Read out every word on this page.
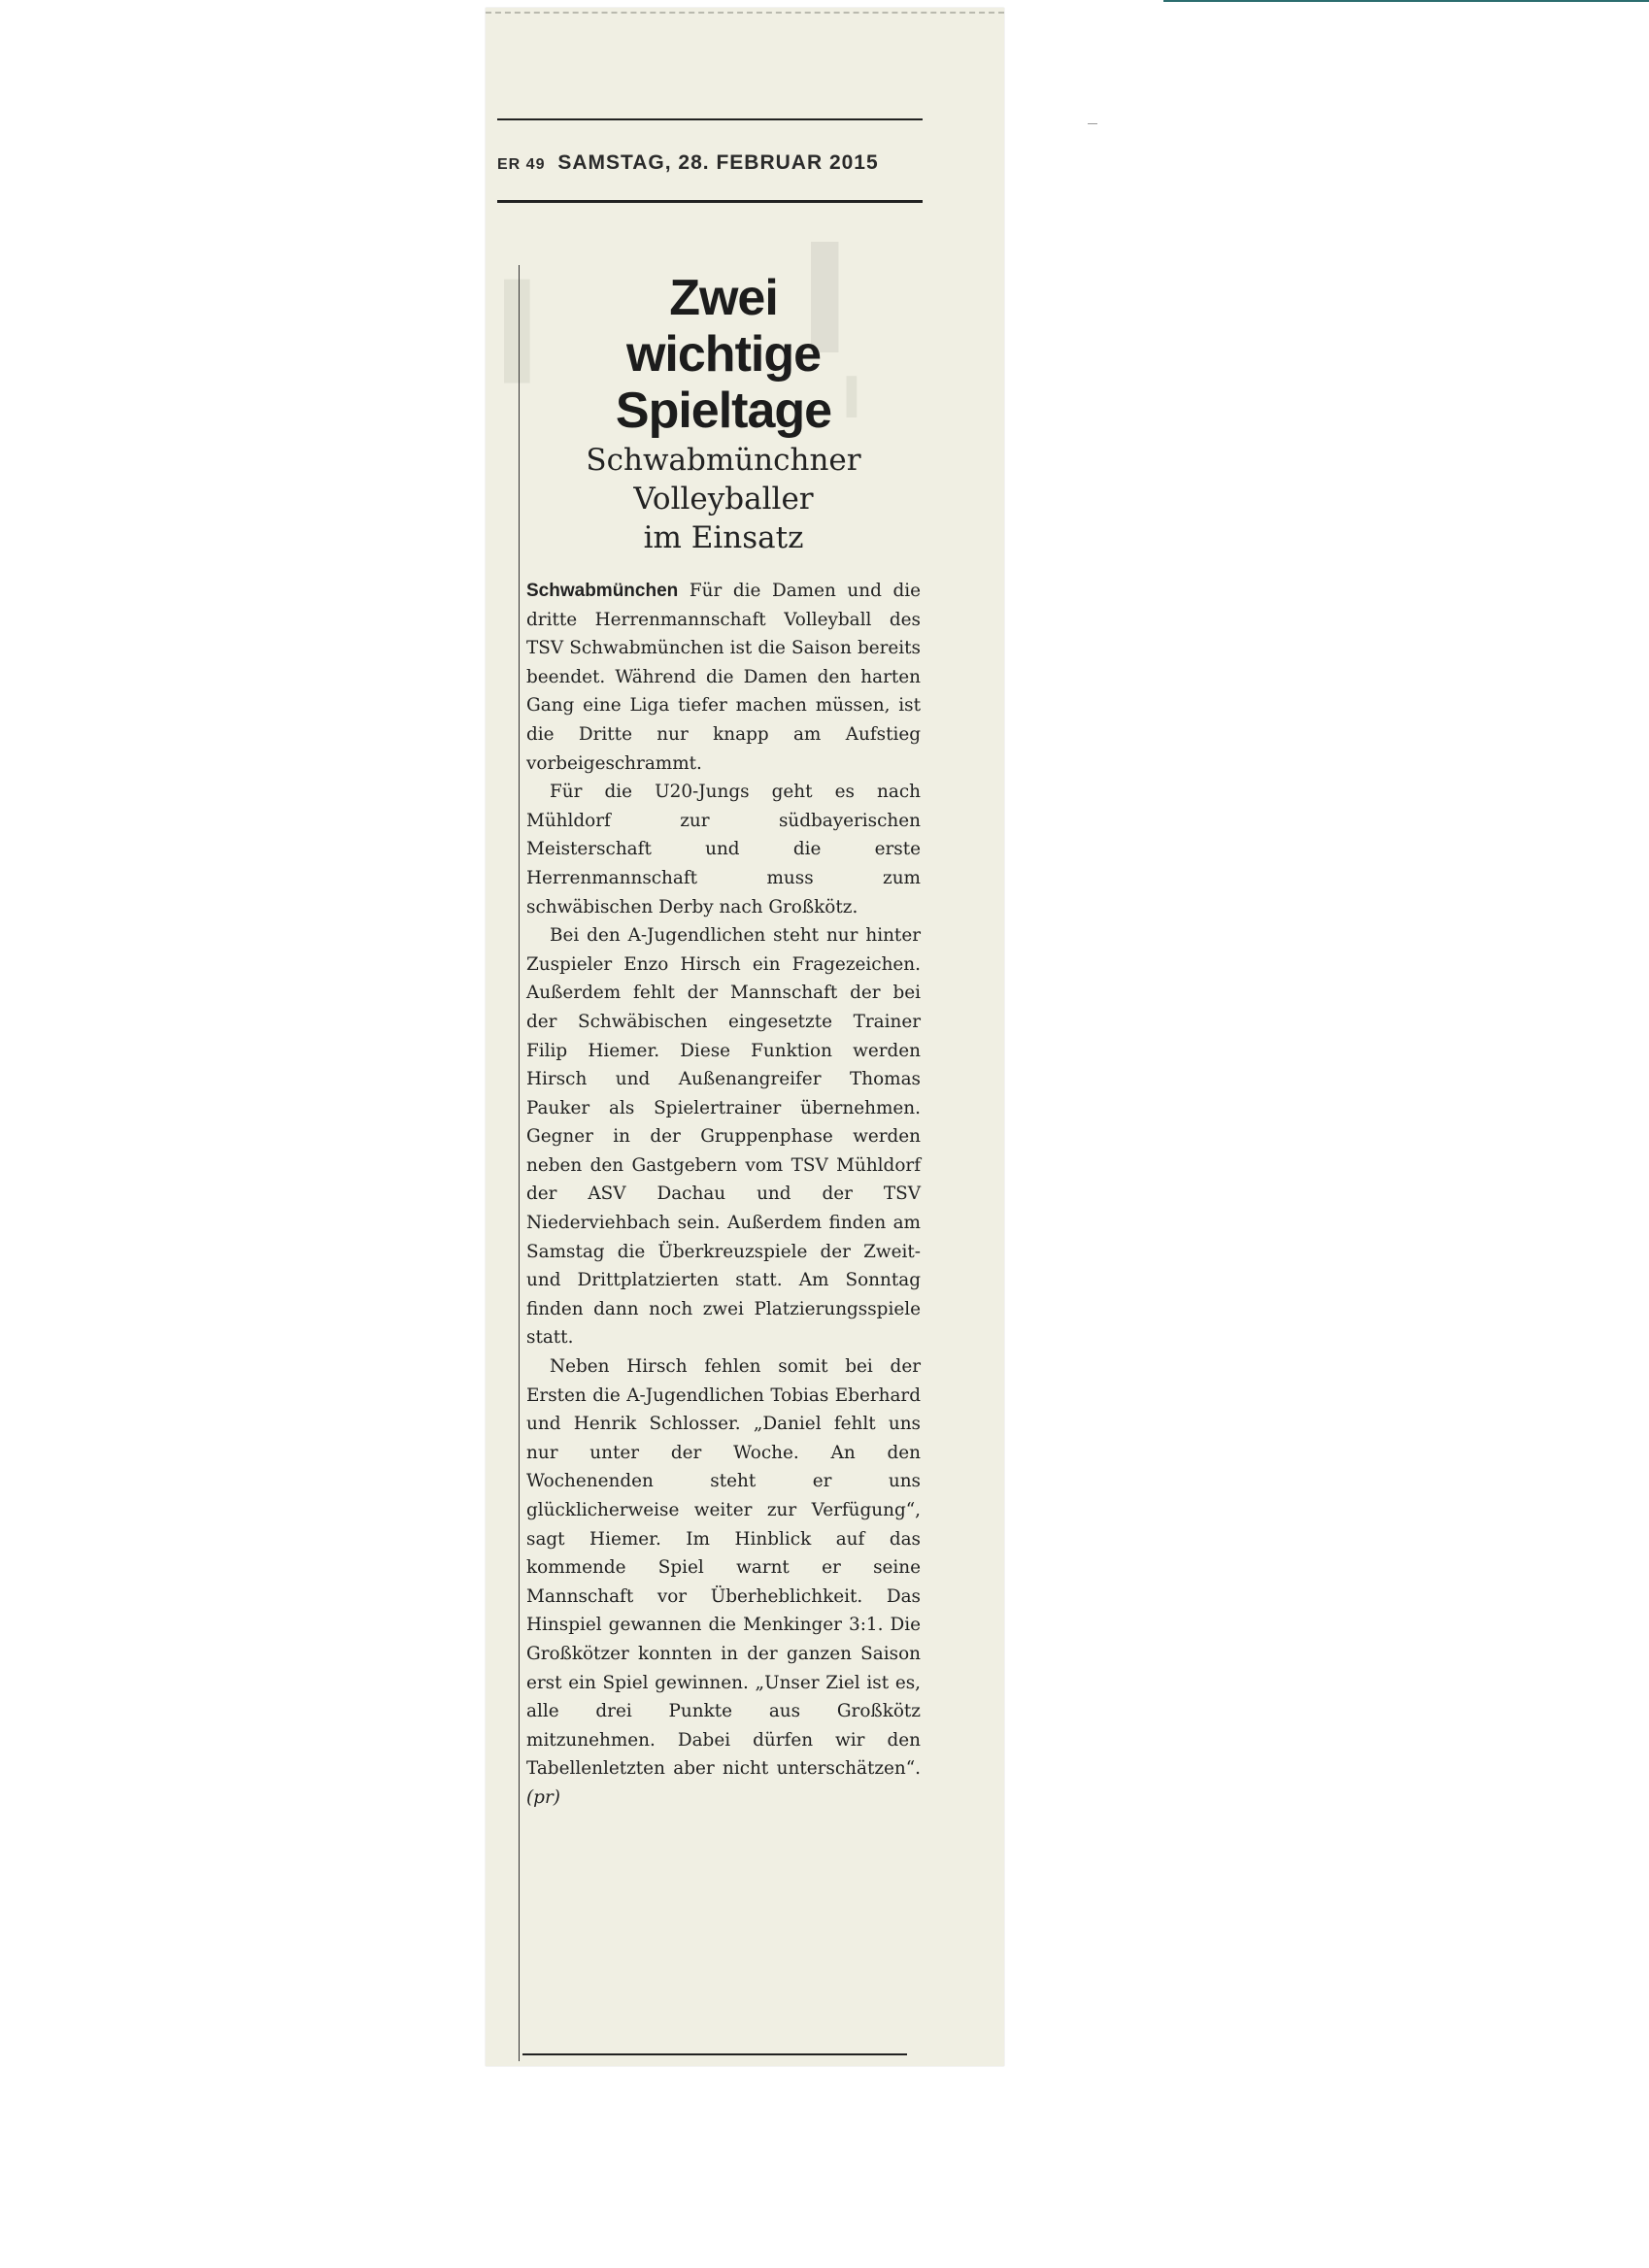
▍	▍
▍
ER 49 SAMSTAG, 28. FEBRUAR 2015
Zwei
wichtige
Spieltage
Schwabmünchner
Volleyballer
im Einsatz

Schwabmünchen Für die Damen und die dritte Herrenmannschaft Volleyball des TSV Schwabmünchen ist die Saison bereits beendet. Während die Damen den harten Gang eine Liga tiefer machen müssen, ist die Dritte nur knapp am Aufstieg vorbeigeschrammt.

Für die U20-Jungs geht es nach Mühldorf zur südbayerischen Meisterschaft und die erste Herrenmannschaft muss zum schwäbischen Derby nach Großkötz.

Bei den A-Jugendlichen steht nur hinter Zuspieler Enzo Hirsch ein Fragezeichen. Außerdem fehlt der Mannschaft der bei der Schwäbischen eingesetzte Trainer Filip Hiemer. Diese Funktion werden Hirsch und Außenangreifer Thomas Pauker als Spielertrainer übernehmen. Gegner in der Gruppenphase werden neben den Gastgebern vom TSV Mühldorf der ASV Dachau und der TSV Niederviehbach sein. Außerdem finden am Samstag die Überkreuzspiele der Zweit- und Drittplatzierten statt. Am Sonntag finden dann noch zwei Platzierungsspiele statt.

Neben Hirsch fehlen somit bei der Ersten die A-Jugendlichen Tobias Eberhard und Henrik Schlosser. „Daniel fehlt uns nur unter der Woche. An den Wochenenden steht er uns glücklicherweise weiter zur Verfügung“, sagt Hiemer. Im Hinblick auf das kommende Spiel warnt er seine Mannschaft vor Überheblichkeit. Das Hinspiel gewannen die Menkinger 3:1. Die Großkötzer konnten in der ganzen Saison erst ein Spiel gewinnen. „Unser Ziel ist es, alle drei Punkte aus Großkötz mitzunehmen. Dabei dürfen wir den Tabellenletzten aber nicht unterschätzen“. (pr)
